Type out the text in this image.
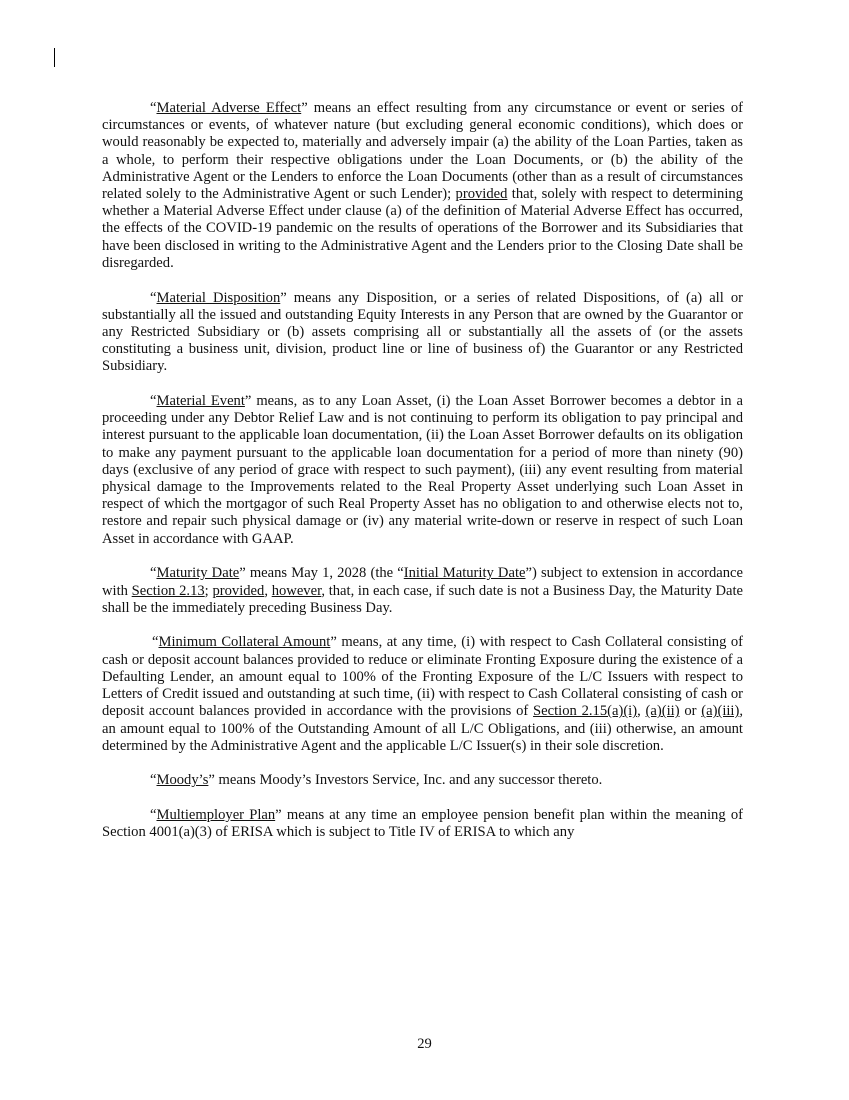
“Material Adverse Effect” means an effect resulting from any circumstance or event or series of circumstances or events, of whatever nature (but excluding general economic conditions), which does or would reasonably be expected to, materially and adversely impair (a) the ability of the Loan Parties, taken as a whole, to perform their respective obligations under the Loan Documents, or (b) the ability of the Administrative Agent or the Lenders to enforce the Loan Documents (other than as a result of circumstances related solely to the Administrative Agent or such Lender); provided that, solely with respect to determining whether a Material Adverse Effect under clause (a) of the definition of Material Adverse Effect has occurred, the effects of the COVID-19 pandemic on the results of operations of the Borrower and its Subsidiaries that have been disclosed in writing to the Administrative Agent and the Lenders prior to the Closing Date shall be disregarded.

“Material Disposition” means any Disposition, or a series of related Dispositions, of (a) all or substantially all the issued and outstanding Equity Interests in any Person that are owned by the Guarantor or any Restricted Subsidiary or (b) assets comprising all or substantially all the assets of (or the assets constituting a business unit, division, product line or line of business of) the Guarantor or any Restricted Subsidiary.

“Material Event” means, as to any Loan Asset, (i) the Loan Asset Borrower becomes a debtor in a proceeding under any Debtor Relief Law and is not continuing to perform its obligation to pay principal and interest pursuant to the applicable loan documentation, (ii) the Loan Asset Borrower defaults on its obligation to make any payment pursuant to the applicable loan documentation for a period of more than ninety (90) days (exclusive of any period of grace with respect to such payment), (iii) any event resulting from material physical damage to the Improvements related to the Real Property Asset underlying such Loan Asset in respect of which the mortgagor of such Real Property Asset has no obligation to and otherwise elects not to, restore and repair such physical damage or (iv) any material write-down or reserve in respect of such Loan Asset in accordance with GAAP.

“Maturity Date” means May 1, 2028 (the “Initial Maturity Date”) subject to extension in accordance with Section 2.13; provided, however, that, in each case, if such date is not a Business Day, the Maturity Date shall be the immediately preceding Business Day.

“Minimum Collateral Amount” means, at any time, (i) with respect to Cash Collateral consisting of cash or deposit account balances provided to reduce or eliminate Fronting Exposure during the existence of a Defaulting Lender, an amount equal to 100% of the Fronting Exposure of the L/C Issuers with respect to Letters of Credit issued and outstanding at such time, (ii) with respect to Cash Collateral consisting of cash or deposit account balances provided in accordance with the provisions of Section 2.15(a)(i), (a)(ii) or (a)(iii), an amount equal to 100% of the Outstanding Amount of all L/C Obligations, and (iii) otherwise, an amount determined by the Administrative Agent and the applicable L/C Issuer(s) in their sole discretion.

“Moody’s” means Moody’s Investors Service, Inc. and any successor thereto.

“Multiemployer Plan” means at any time an employee pension benefit plan within the meaning of Section 4001(a)(3) of ERISA which is subject to Title IV of ERISA to which any

29
